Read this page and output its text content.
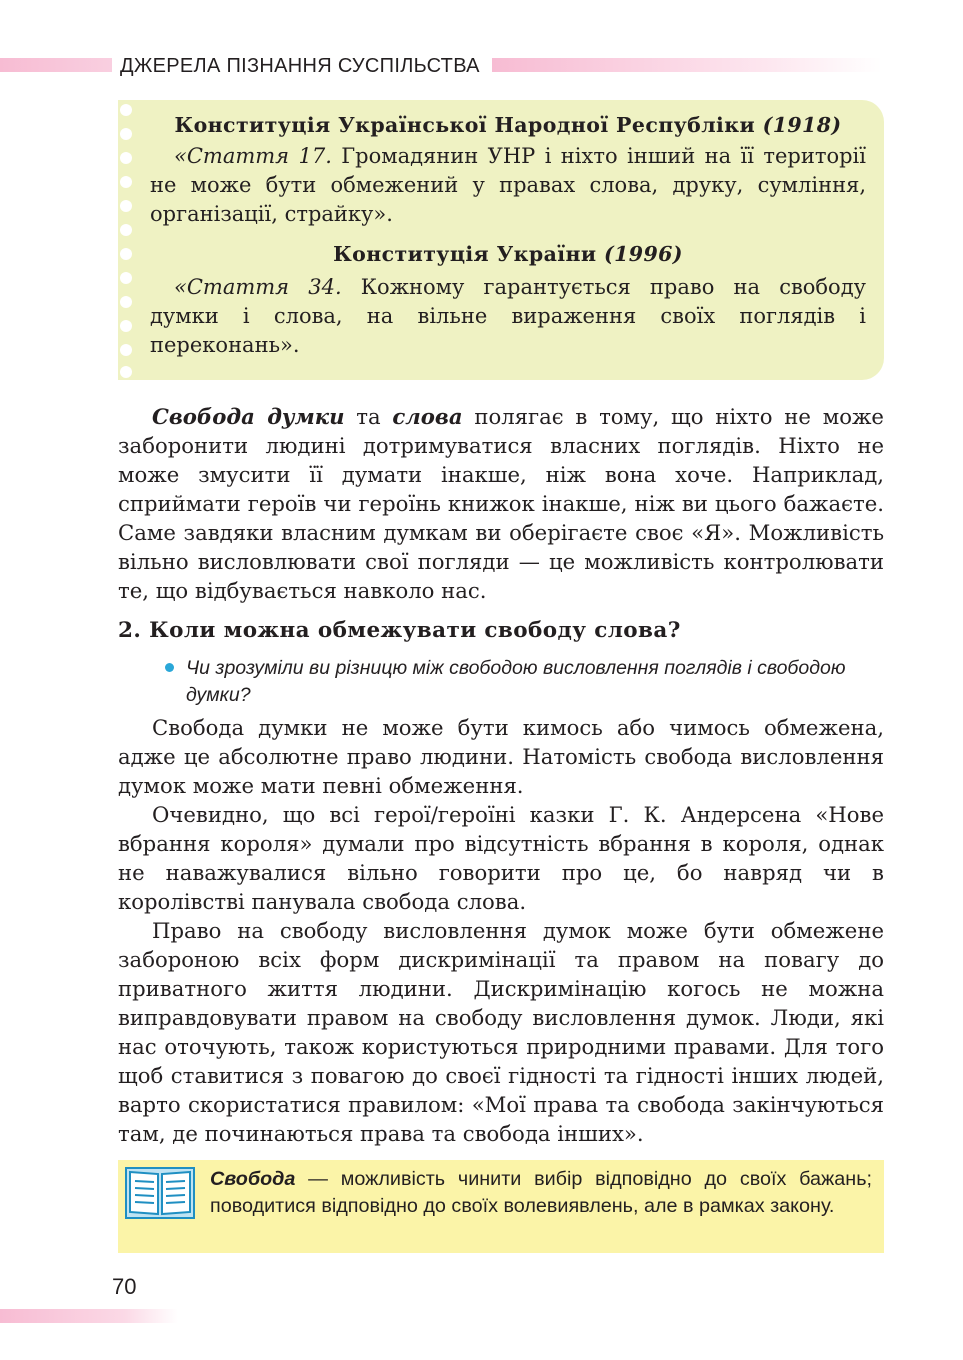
ДЖЕРЕЛА ПІЗНАННЯ СУСПІЛЬСТВА
Конституція Української Народної Республіки (1918)

«Стаття 17. Громадянин УНР і ніхто інший на її території не може бути обмежений у правах слова, друку, сумління, організації, страйку».

Конституція України (1996)

«Стаття 34. Кожному гарантується право на свободу думки і слова, на вільне вираження своїх поглядів і переконань».

Свобода думки та слова полягає в тому, що ніхто не може заборонити людині дотримуватися власних поглядів. Ніхто не може змусити її думати інакше, ніж вона хоче. Наприклад, сприймати героїв чи героїнь книжок інакше, ніж ви цього бажаєте. Саме завдяки власним думкам ви оберігаєте своє «Я». Можливість вільно висловлювати свої погляди — це можливість контролювати те, що відбувається навколо нас.

2. Коли можна обмежувати свободу слова?
Чи зрозуміли ви різницю між свободою висловлення поглядів і свободою думки?

Свобода думки не може бути кимось або чимось обмежена, адже це абсолютне право людини. Натомість свобода висловлення думок може мати певні обмеження.

Очевидно, що всі герої/героїні казки Г. К. Андерсена «Нове вбрання короля» думали про відсутність вбрання в короля, однак не наважувалися вільно говорити про це, бо навряд чи в королівстві панувала свобода слова.

Право на свободу висловлення думок може бути обмежене забороною всіх форм дискримінації та правом на повагу до приватного життя людини. Дискримінацію когось не можна виправдовувати правом на свободу висловлення думок. Люди, які нас оточують, також користуються природними правами. Для того щоб ставитися з повагою до своєї гідності та гідності інших людей, варто скористатися правилом: «Мої права та свобода закінчуються там, де починаються права та свобода інших».

Свобода — можливість чинити вибір відповідно до своїх бажань; поводитися відповідно до своїх волевиявлень, але в рамках закону.
70
